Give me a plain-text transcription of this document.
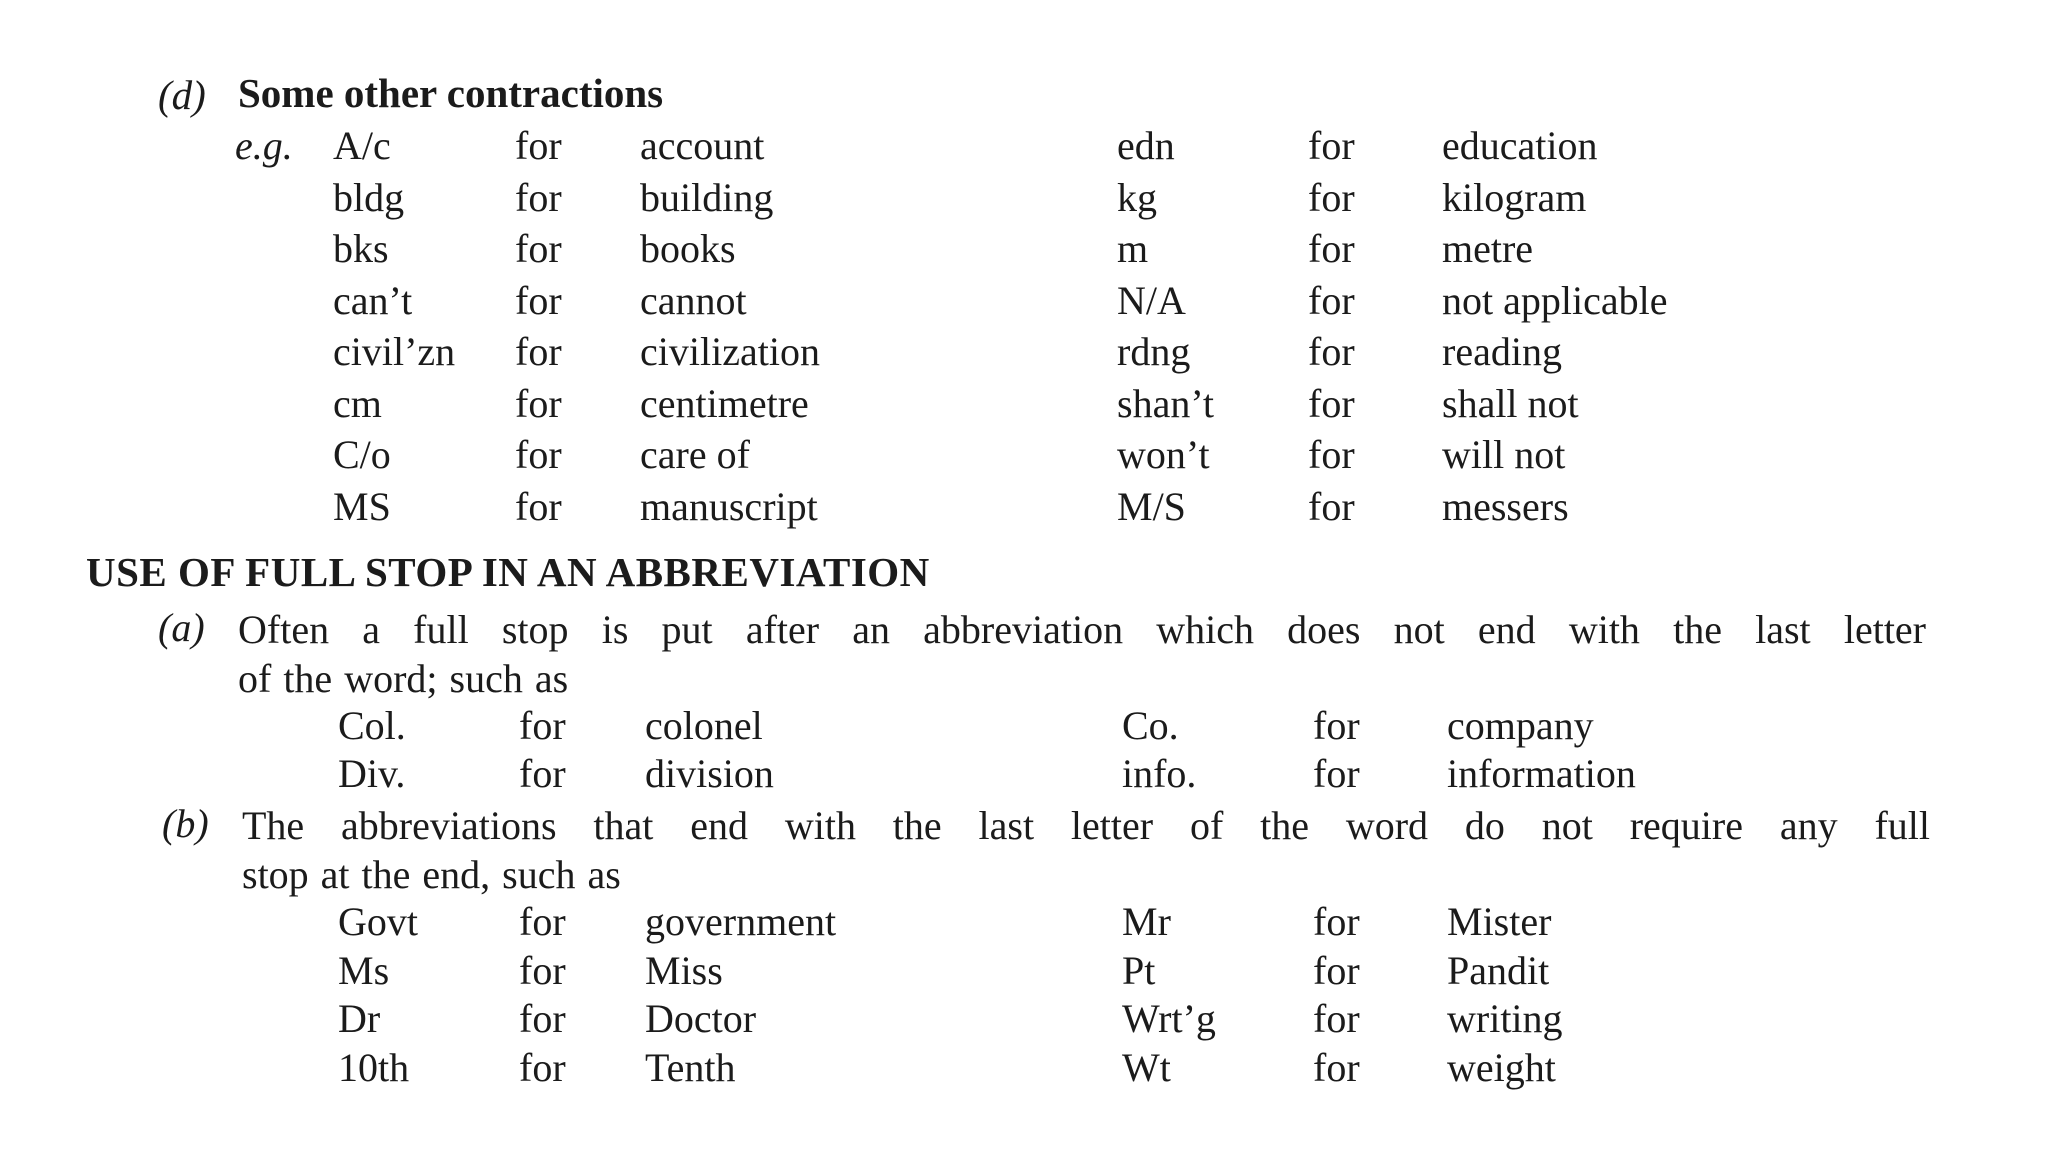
(d) Some other contractions
e.g. A/c	for account	edn	for education
bldg	for building	kg	for kilogram
bks	for books	m	for metre
can’t	for cannot	N/A	for not applicable
civil’zn for civilization	rdng	for reading
cm	for centimetre	shan’t for shall not
C/o	for care of	won’t for will not
MS	for manuscript	M/S	for messers
USE OF FULL STOP IN AN ABBREVIATION
(a) Often a full stop is put after an abbreviation which does not end with the last letter
of the word; such as
Col.	for colonel	Co.	for company
Div.	for division	info.	for information
(b) The abbreviations that end with the last letter of the word do not require any full
stop at the end, such as
Govt	for government	Mr	for Mister
Ms	for Miss	Pt	for Pandit
Dr	for Doctor	Wrt’g for writing
10th	for Tenth	Wt	for weight
